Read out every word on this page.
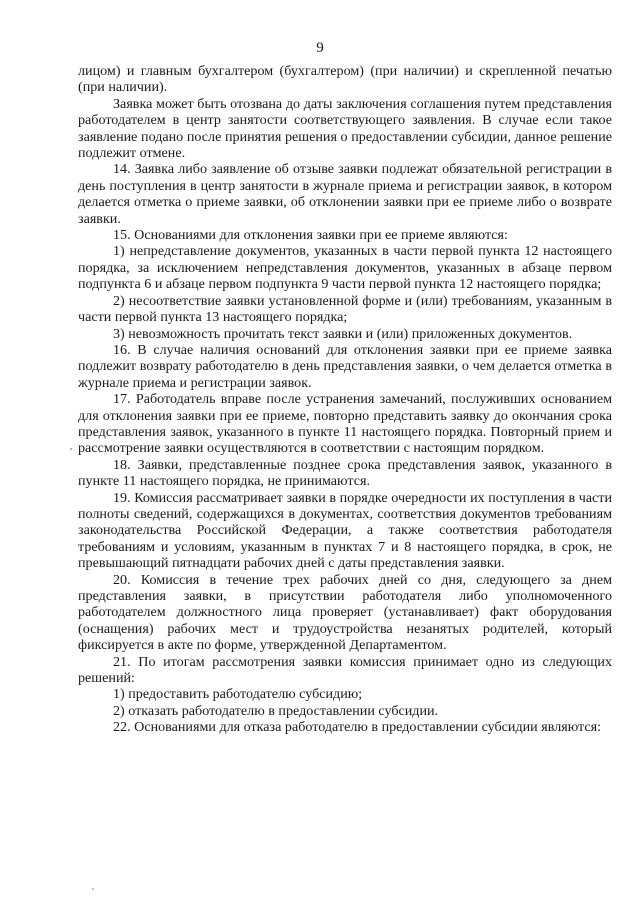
9

лицом) и главным бухгалтером (бухгалтером) (при наличии) и скрепленной печатью (при наличии).

Заявка может быть отозвана до даты заключения соглашения путем представления работодателем в центр занятости соответствующего заявления. В случае если такое заявление подано после принятия решения о предоставлении субсидии, данное решение подлежит отмене.

14. Заявка либо заявление об отзыве заявки подлежат обязательной регистрации в день поступления в центр занятости в журнале приема и регистрации заявок, в котором делается отметка о приеме заявки, об отклонении заявки при ее приеме либо о возврате заявки.

15. Основаниями для отклонения заявки при ее приеме являются:

1) непредставление документов, указанных в части первой пункта 12 настоящего порядка, за исключением непредставления документов, указанных в абзаце первом подпункта 6 и абзаце первом подпункта 9 части первой пункта 12 настоящего порядка;

2) несоответствие заявки установленной форме и (или) требованиям, указанным в части первой пункта 13 настоящего порядка;

3) невозможность прочитать текст заявки и (или) приложенных документов.

16. В случае наличия оснований для отклонения заявки при ее приеме заявка подлежит возврату работодателю в день представления заявки, о чем делается отметка в журнале приема и регистрации заявок.

17. Работодатель вправе после устранения замечаний, послуживших основанием для отклонения заявки при ее приеме, повторно представить заявку до окончания срока представления заявок, указанного в пункте 11 настоящего порядка. Повторный прием и рассмотрение заявки осуществляются в соответствии с настоящим порядком.

18. Заявки, представленные позднее срока представления заявок, указанного в пункте 11 настоящего порядка, не принимаются.

19. Комиссия рассматривает заявки в порядке очередности их поступления в части полноты сведений, содержащихся в документах, соответствия документов требованиям законодательства Российской Федерации, а также соответствия работодателя требованиям и условиям, указанным в пунктах 7 и 8 настоящего порядка, в срок, не превышающий пятнадцати рабочих дней с даты представления заявки.

20. Комиссия в течение трех рабочих дней со дня, следующего за днем представления заявки, в присутствии работодателя либо уполномоченного работодателем должностного лица проверяет (устанавливает) факт оборудования (оснащения) рабочих мест и трудоустройства незанятых родителей, который фиксируется в акте по форме, утвержденной Департаментом.

21. По итогам рассмотрения заявки комиссия принимает одно из следующих решений:

1) предоставить работодателю субсидию;

2) отказать работодателю в предоставлении субсидии.

22. Основаниями для отказа работодателю в предоставлении субсидии являются:
